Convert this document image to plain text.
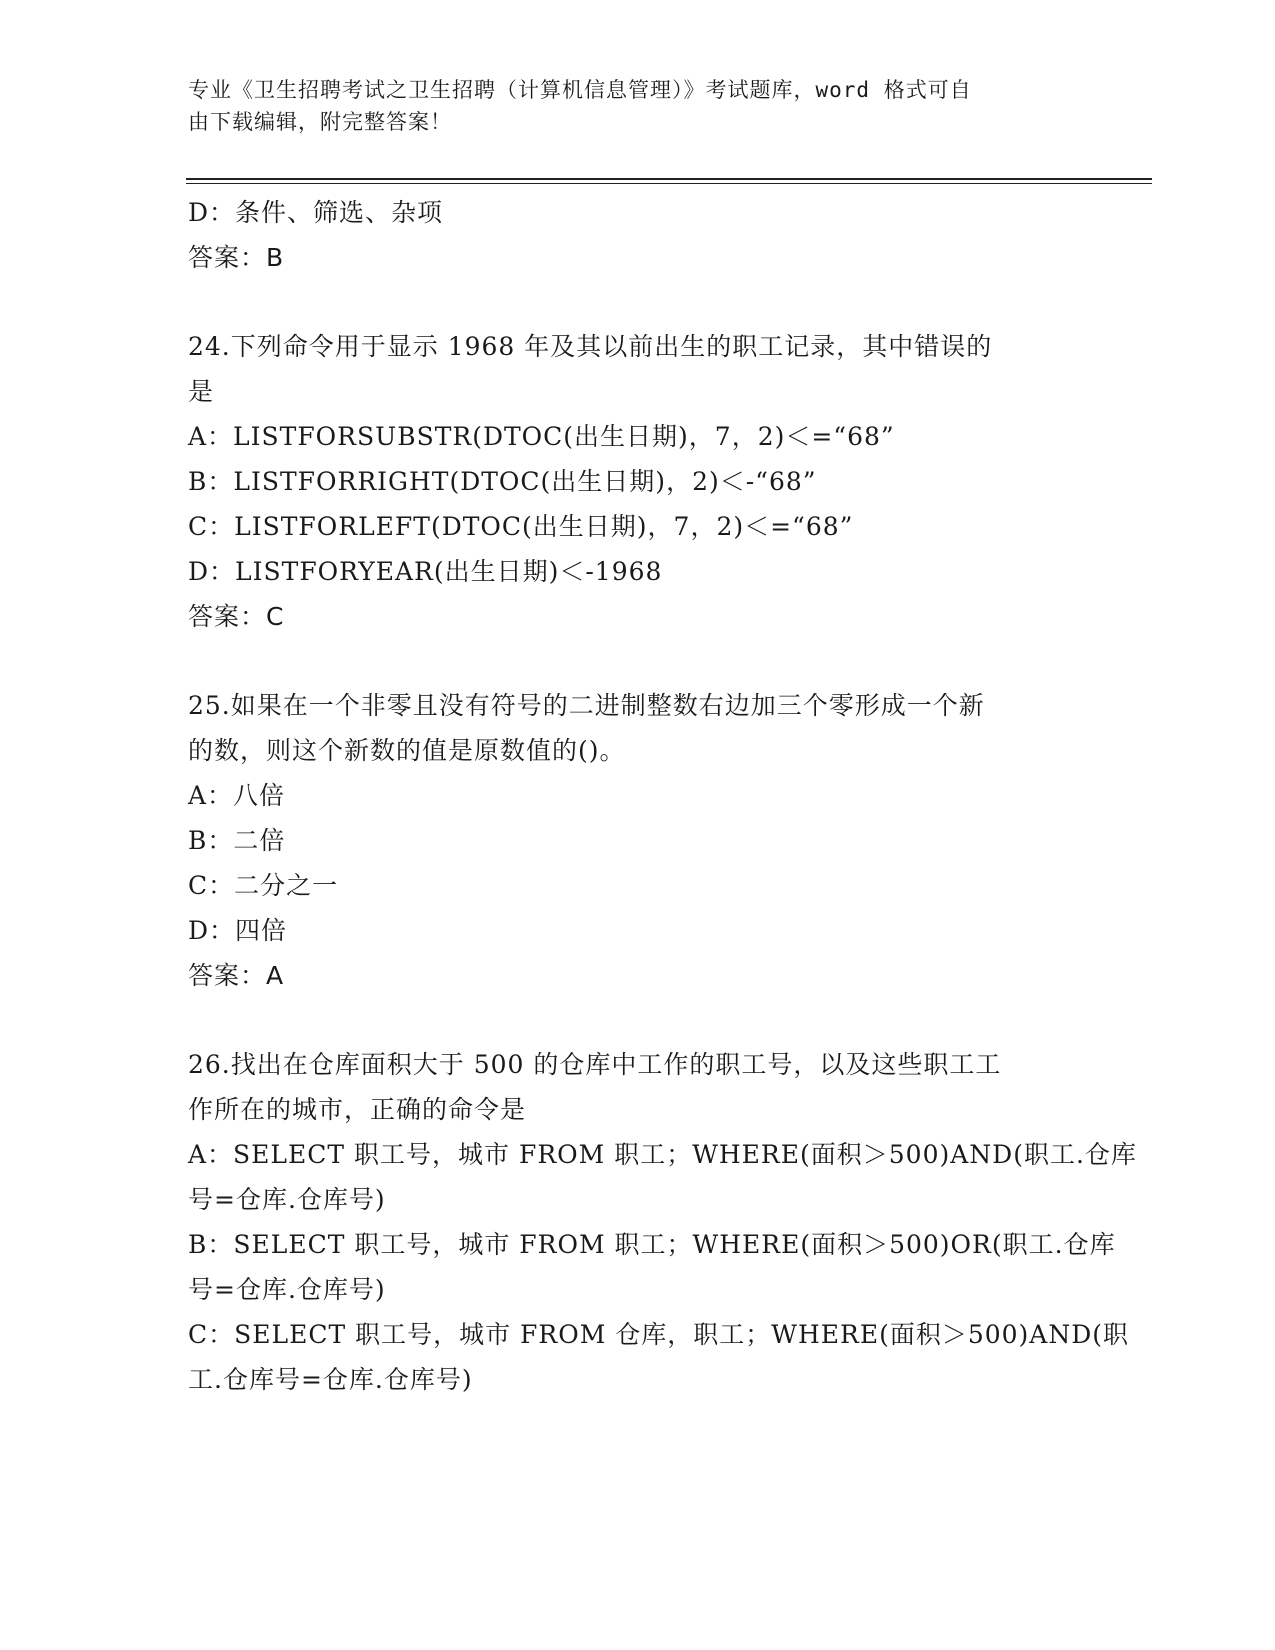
专业《卫生招聘考试之卫生招聘（计算机信息管理）》考试题库，word 格式可自
由下载编辑，附完整答案！
D：条件、筛选、杂项
答案：B
24.下列命令用于显示 1968 年及其以前出生的职工记录，其中错误的
是
A：LISTFORSUBSTR(DTOC(出生日期)，7，2)＜=“68”
B：LISTFORRIGHT(DTOC(出生日期)，2)＜-“68”
C：LISTFORLEFT(DTOC(出生日期)，7，2)＜=“68”
D：LISTFORYEAR(出生日期)＜-1968
答案：C
25.如果在一个非零且没有符号的二进制整数右边加三个零形成一个新
的数，则这个新数的值是原数值的()。
A：八倍
B：二倍
C：二分之一
D：四倍
答案：A
26.找出在仓库面积大于 500 的仓库中工作的职工号，以及这些职工工
作所在的城市，正确的命令是
A：SELECT 职工号，城市 FROM 职工；WHERE(面积＞500)AND(职工.仓库
号=仓库.仓库号)
B：SELECT 职工号，城市 FROM 职工；WHERE(面积＞500)OR(职工.仓库
号=仓库.仓库号)
C：SELECT 职工号，城市 FROM 仓库，职工；WHERE(面积＞500)AND(职
工.仓库号=仓库.仓库号)
